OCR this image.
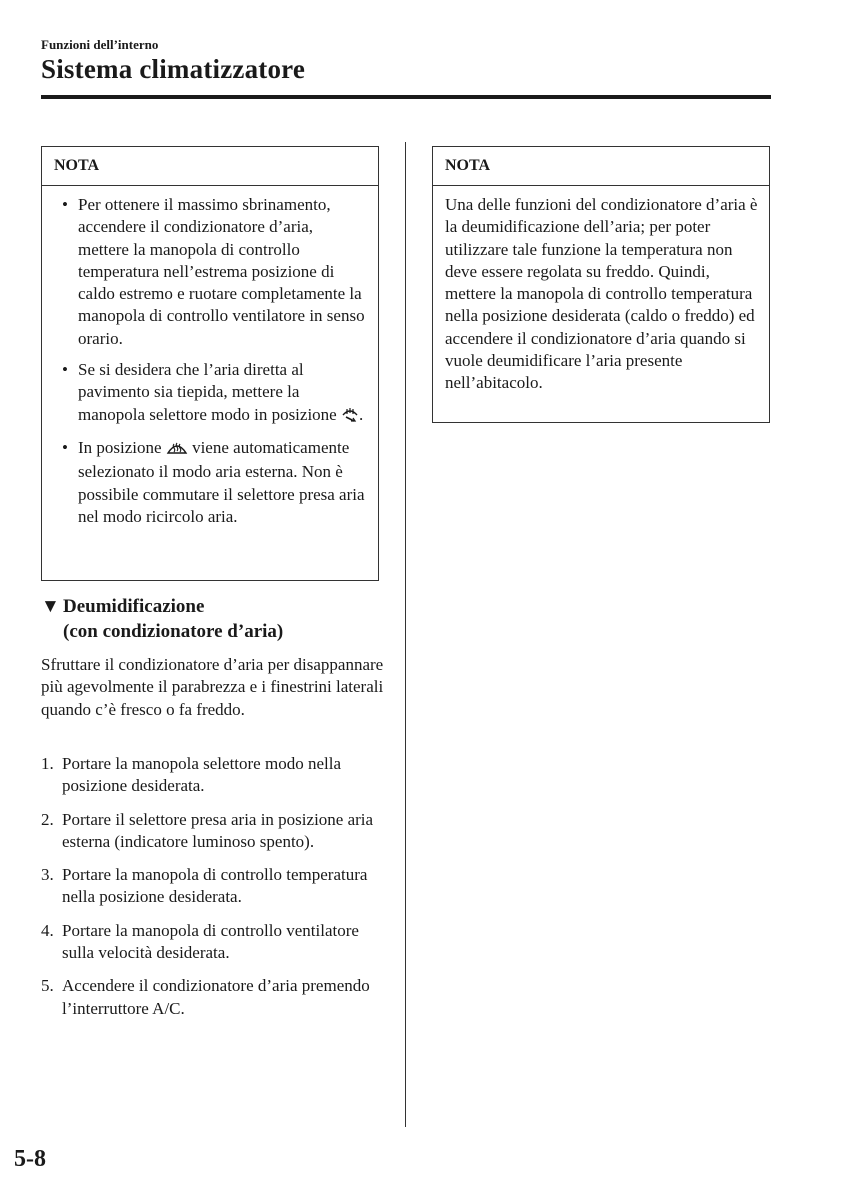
Funzioni dell’interno
Sistema climatizzatore
NOTA
• Per ottenere il massimo sbrinamento, accendere il condizionatore d’aria, mettere la manopola di controllo temperatura nell’estrema posizione di caldo estremo e ruotare completamente la manopola di controllo ventilatore in senso orario.
• Se si desidera che l’aria diretta al pavimento sia tiepida, mettere la manopola selettore modo in posizione .
• In posizione  viene automaticamente selezionato il modo aria esterna. Non è possibile commutare il selettore presa aria nel modo ricircolo aria.
NOTA
Una delle funzioni del condizionatore d’aria è la deumidificazione dell’aria; per poter utilizzare tale funzione la temperatura non deve essere regolata su freddo. Quindi, mettere la manopola di controllo temperatura nella posizione desiderata (caldo o freddo) ed accendere il condizionatore d’aria quando si vuole deumidificare l’aria presente nell’abitacolo.
▼ Deumidificazione
(con condizionatore d’aria)
Sfruttare il condizionatore d’aria per disappannare più agevolmente il parabrezza e i finestrini laterali quando c’è fresco o fa freddo.
1. Portare la manopola selettore modo nella posizione desiderata.
2. Portare il selettore presa aria in posizione aria esterna (indicatore luminoso spento).
3. Portare la manopola di controllo temperatura nella posizione desiderata.
4. Portare la manopola di controllo ventilatore sulla velocità desiderata.
5. Accendere il condizionatore d’aria premendo l’interruttore A/C.
5-8
